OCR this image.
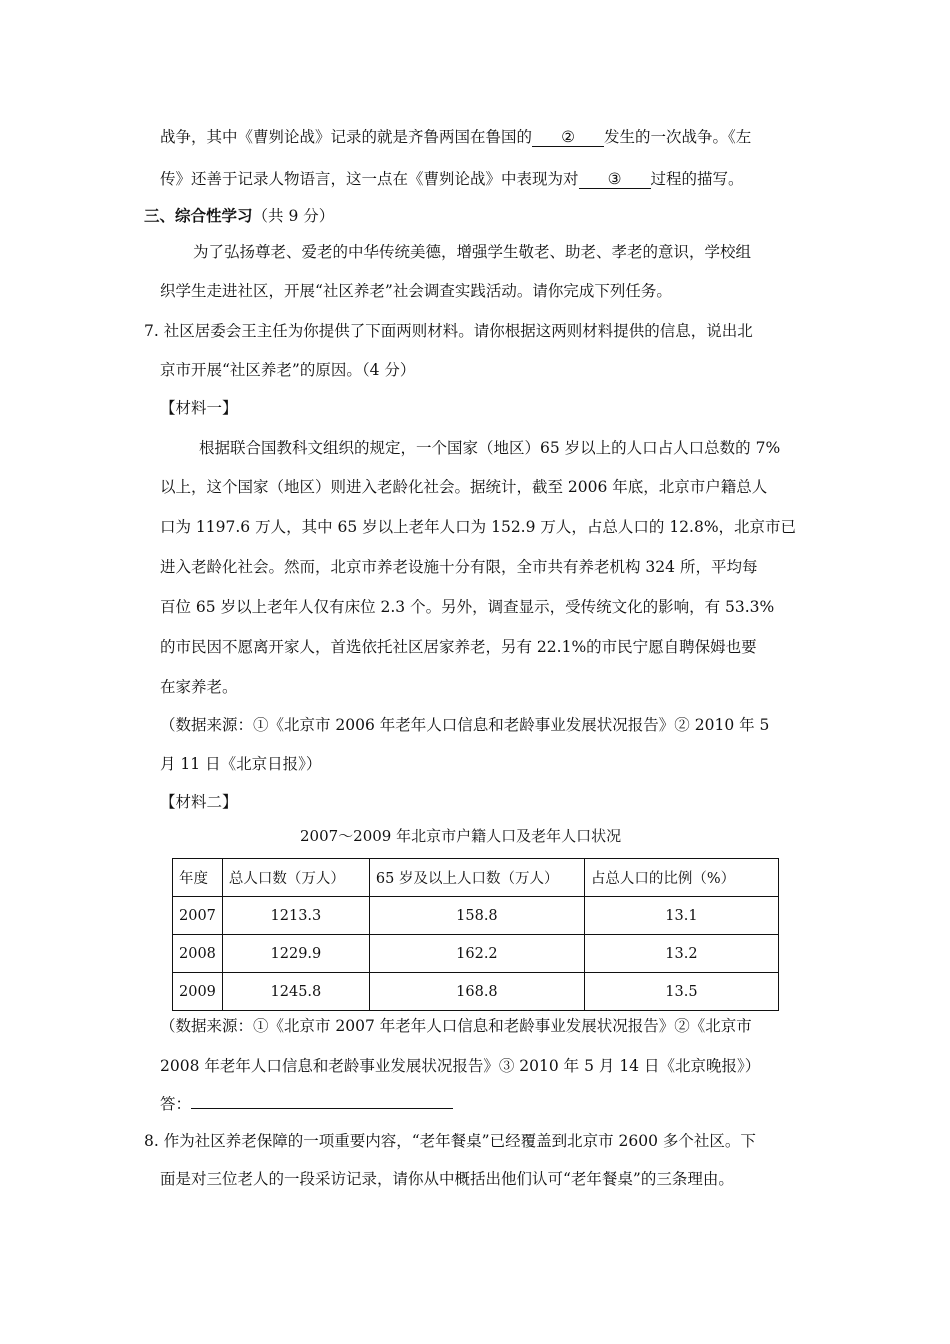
战争，其中《曹刿论战》记录的就是齐鲁两国在鲁国的 ② 发生的一次战争。《左
传》还善于记录人物语言，这一点在《曹刿论战》中表现为对 ③ 过程的描写。
三、综合性学习（共 9 分）
为了弘扬尊老、爱老的中华传统美德，增强学生敬老、助老、孝老的意识，学校组
织学生走进社区，开展“社区养老”社会调查实践活动。请你完成下列任务。
7. 社区居委会王主任为你提供了下面两则材料。请你根据这两则材料提供的信息，说出北
京市开展“社区养老”的原因。（4 分）
【材料一】
根据联合国教科文组织的规定，一个国家（地区）65 岁以上的人口占人口总数的 7%
以上，这个国家（地区）则进入老龄化社会。据统计，截至 2006 年底，北京市户籍总人
口为 1197.6 万人，其中 65 岁以上老年人口为 152.9 万人，占总人口的 12.8%，北京市已
进入老龄化社会。然而，北京市养老设施十分有限，全市共有养老机构 324 所，平均每
百位 65 岁以上老年人仅有床位 2.3 个。另外，调查显示，受传统文化的影响，有 53.3%
的市民因不愿离开家人，首选依托社区居家养老，另有 22.1%的市民宁愿自聘保姆也要
在家养老。
（数据来源：①《北京市 2006 年老年人口信息和老龄事业发展状况报告》② 2010 年 5
月 11 日《北京日报》）
【材料二】
2007～2009 年北京市户籍人口及老年人口状况
年度	总人口数（万人）	65 岁及以上人口数（万人）	占总人口的比例（%）
2007	1213.3	158.8	13.1
2008	1229.9	162.2	13.2
2009	1245.8	168.8	13.5
（数据来源：①《北京市 2007 年老年人口信息和老龄事业发展状况报告》②《北京市
2008 年老年人口信息和老龄事业发展状况报告》③ 2010 年 5 月 14 日《北京晚报》）
答：
8. 作为社区养老保障的一项重要内容，“老年餐桌”已经覆盖到北京市 2600 多个社区。下
面是对三位老人的一段采访记录，请你从中概括出他们认可“老年餐桌”的三条理由。
